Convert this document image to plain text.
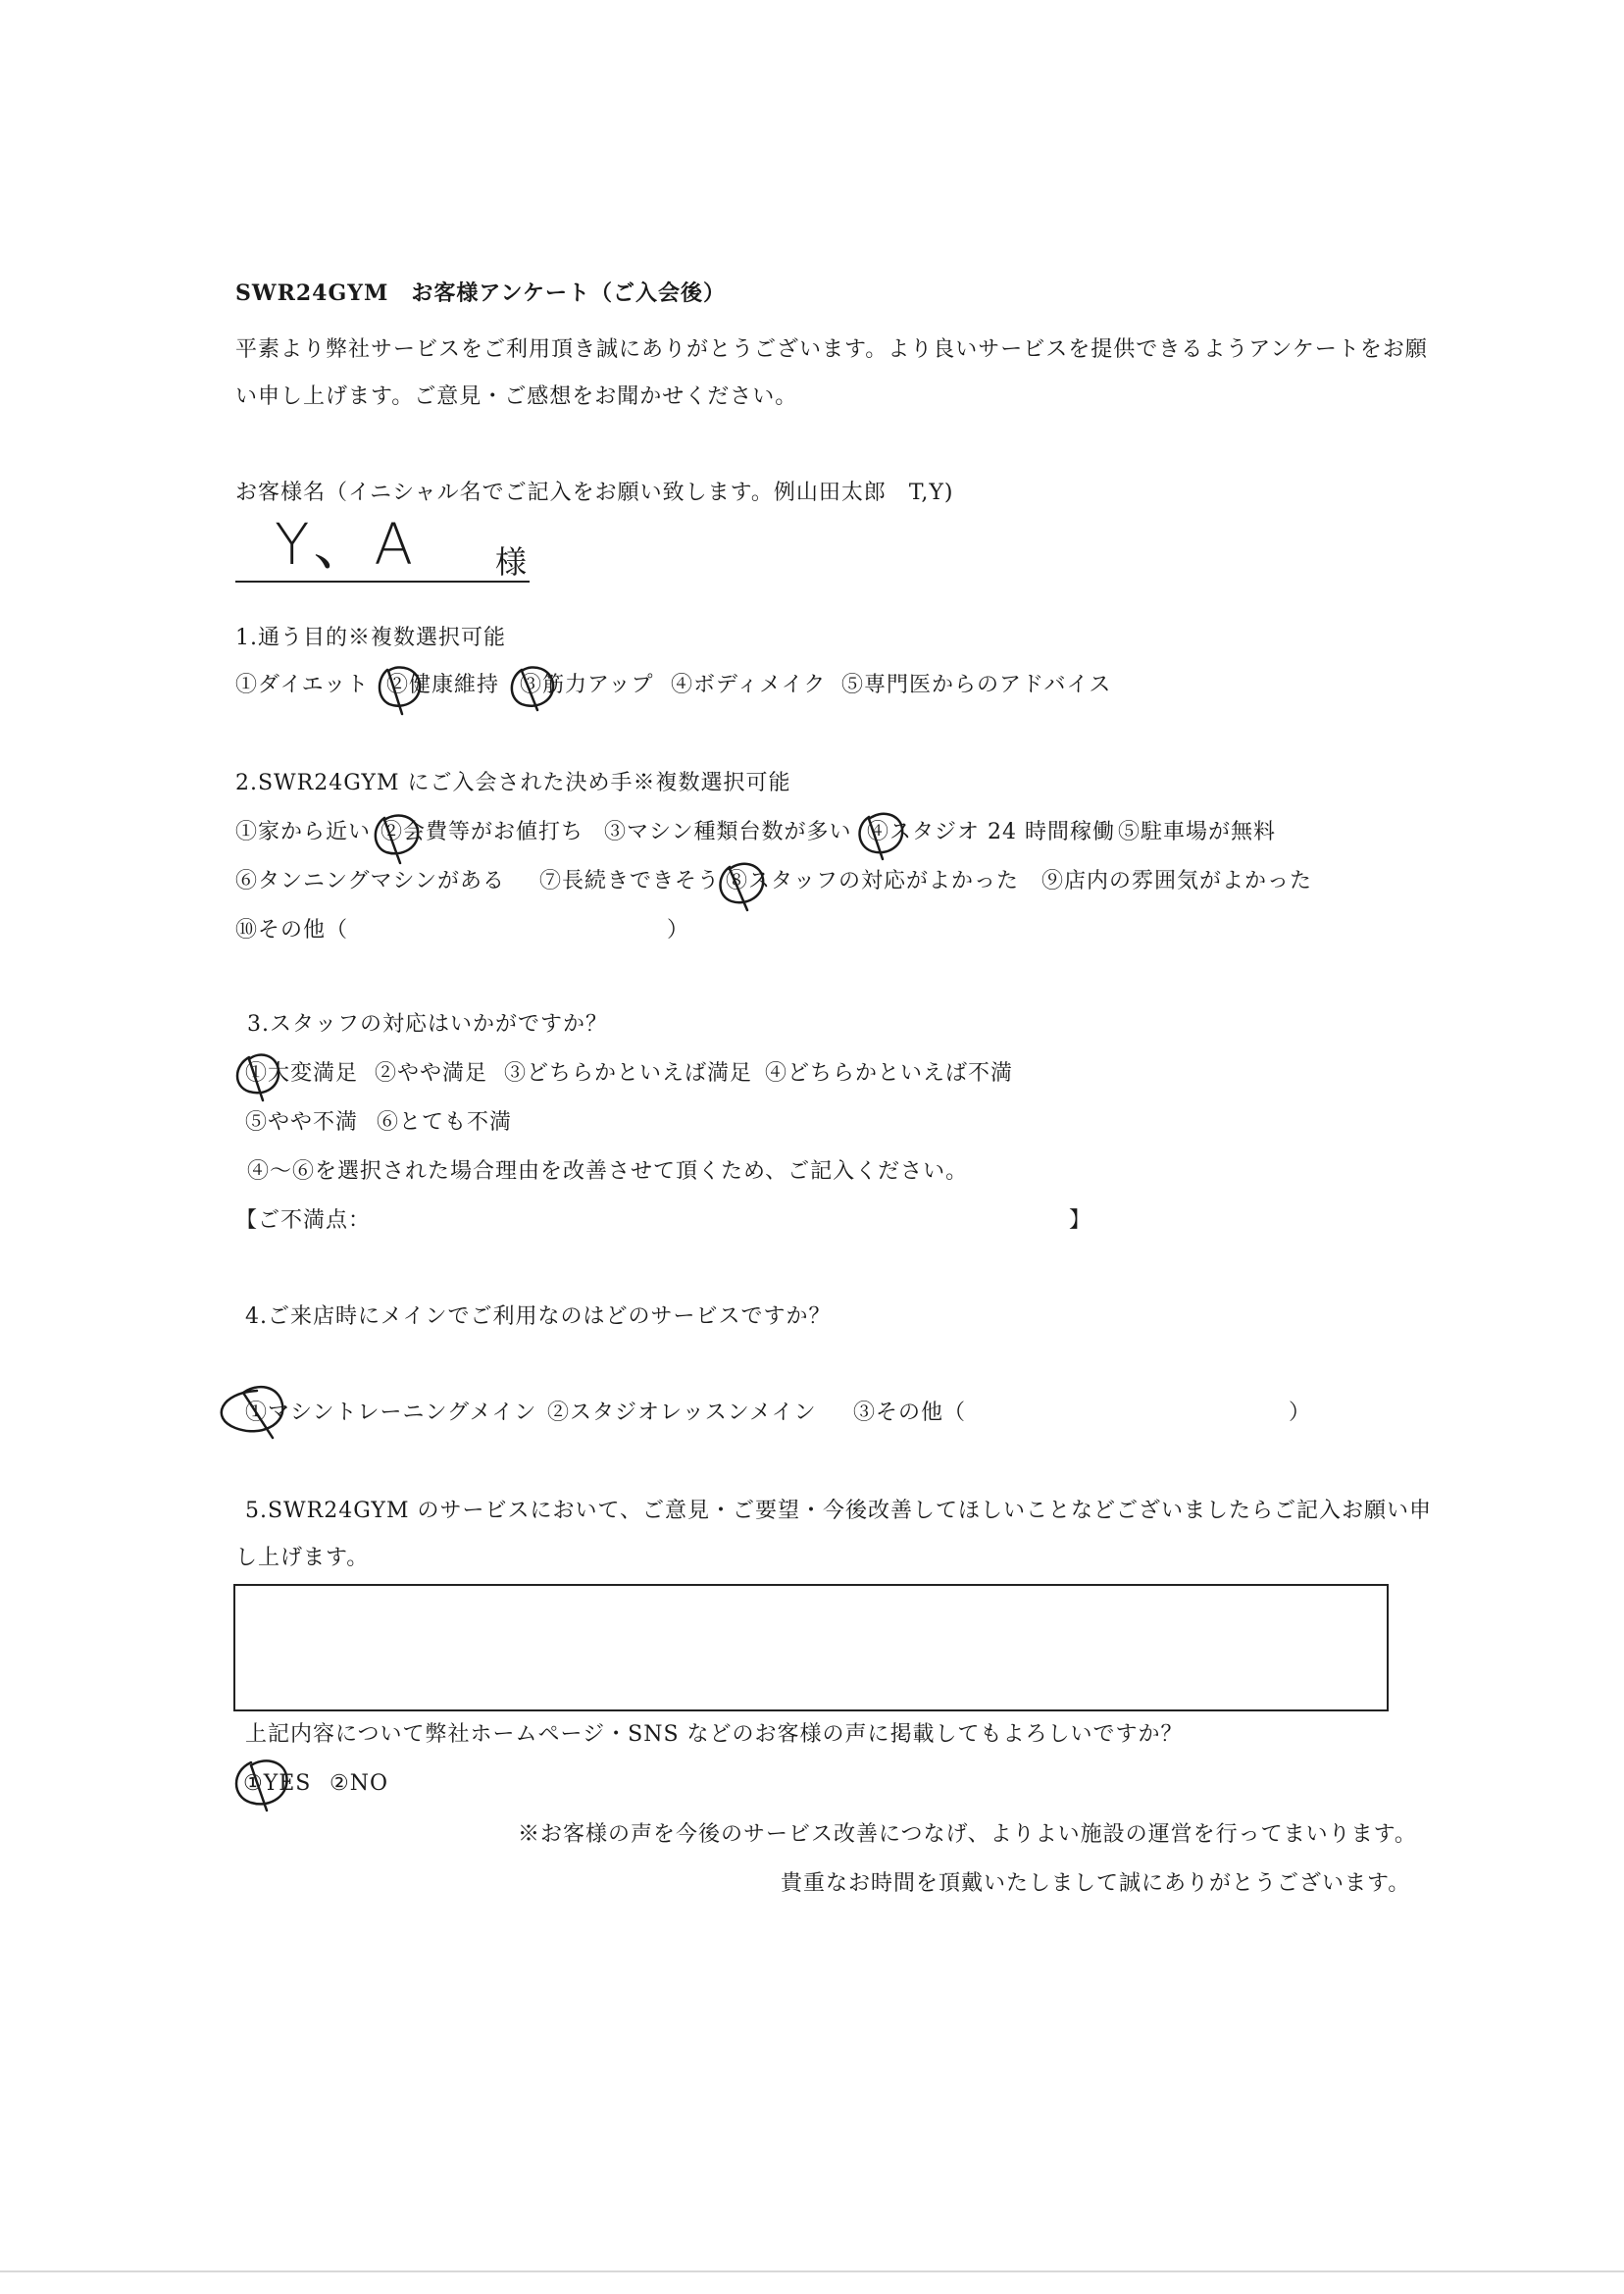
SWR24GYM　お客様アンケート（ご入会後）
平素より弊社サービスをご利用頂き誠にありがとうございます。より良いサービスを提供できるようアンケートをお願
い申し上げます。ご意見・ご感想をお聞かせください。
お客様名（イニシャル名でご記入をお願い致します。例山田太郎　T,Y)
Y、A 様
1.通う目的※複数選択可能
①ダイエット ②健康維持 ③筋力アップ ④ボディメイク ⑤専門医からのアドバイス
2.SWR24GYM にご入会された決め手※複数選択可能
①家から近い ②会費等がお値打ち ③マシン種類台数が多い ④スタジオ 24 時間稼働 ⑤駐車場が無料
⑥タンニングマシンがある ⑦長続きできそう ⑧スタッフの対応がよかった ⑨店内の雰囲気がよかった
⑩その他（	）
3.スタッフの対応はいかがですか？
①大変満足 ②やや満足 ③どちらかといえば満足 ④どちらかといえば不満
⑤やや不満 ⑥とても不満
④～⑥を選択された場合理由を改善させて頂くため、ご記入ください。
【ご不満点：	】
4.ご来店時にメインでご利用なのはどのサービスですか？
①マシントレーニングメイン ②スタジオレッスンメイン ③その他（	）
5.SWR24GYM のサービスにおいて、ご意見・ご要望・今後改善してほしいことなどございましたらご記入お願い申
し上げます。
上記内容について弊社ホームページ・SNS などのお客様の声に掲載してもよろしいですか？
①YES ②NO
※お客様の声を今後のサービス改善につなげ、よりよい施設の運営を行ってまいります。
貴重なお時間を頂戴いたしまして誠にありがとうございます。
